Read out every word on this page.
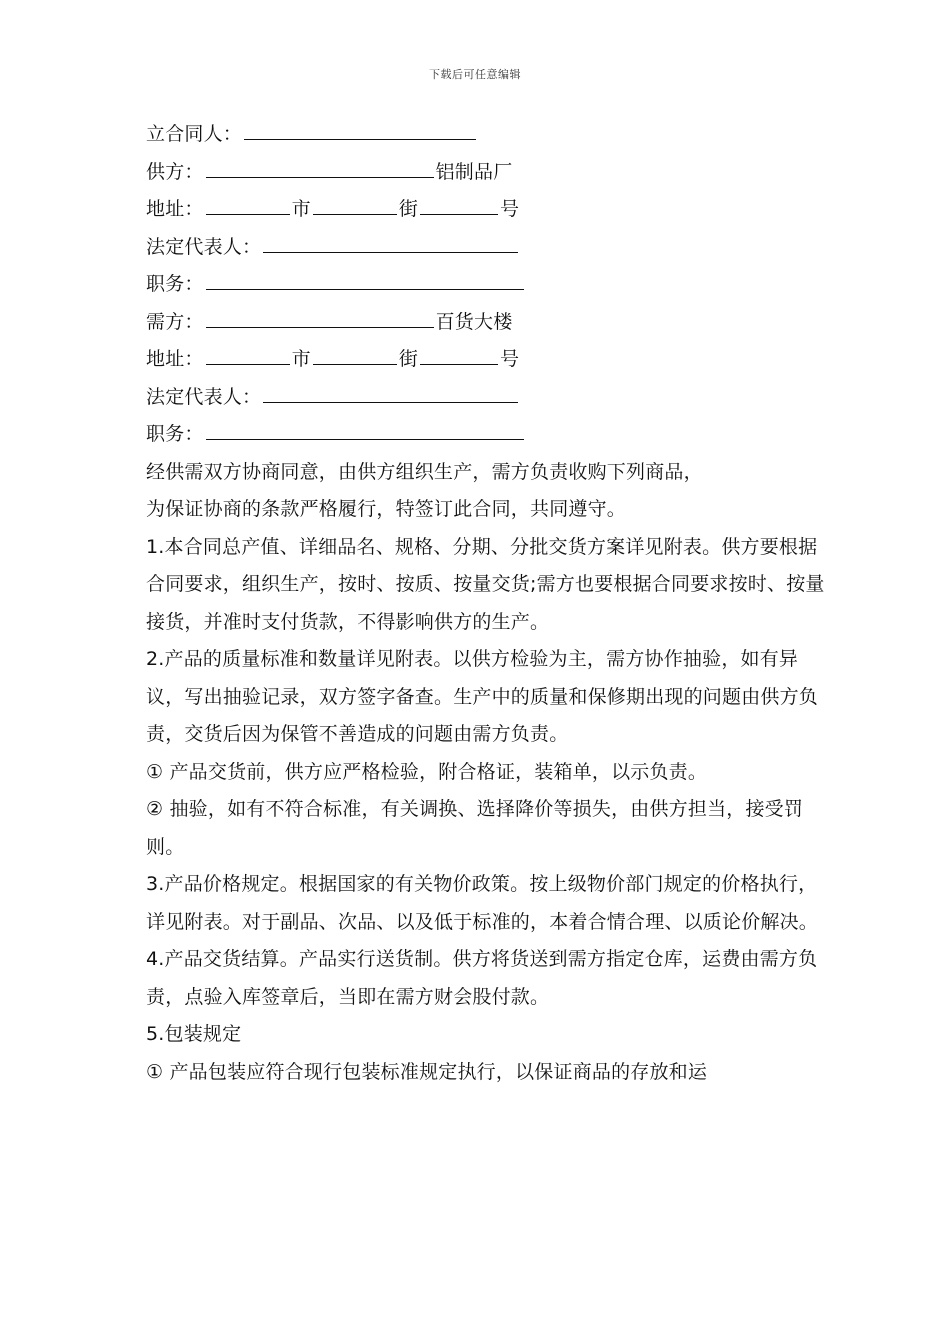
下载后可任意编辑
立合同人：
供方：	铝制品厂
地址：	市	街	号
法定代表人：
职务：
需方：	百货大楼
地址：	市	街	号
法定代表人：
职务：
经供需双方协商同意，由供方组织生产，需方负责收购下列商品，
为保证协商的条款严格履行，特签订此合同，共同遵守。
1.本合同总产值、详细品名、规格、分期、分批交货方案详见附表。供方要根据合同要求，组织生产，按时、按质、按量交货;需方也要根据合同要求按时、按量接货，并准时支付货款，不得影响供方的生产。
2.产品的质量标准和数量详见附表。以供方检验为主，需方协作抽验，如有异议，写出抽验记录，双方签字备查。生产中的质量和保修期出现的问题由供方负责，交货后因为保管不善造成的问题由需方负责。
① 产品交货前，供方应严格检验，附合格证，装箱单，以示负责。
② 抽验，如有不符合标准，有关调换、选择降价等损失，由供方担当，接受罚则。
3.产品价格规定。根据国家的有关物价政策。按上级物价部门规定的价格执行，详见附表。对于副品、次品、以及低于标准的，本着合情合理、以质论价解决。
4.产品交货结算。产品实行送货制。供方将货送到需方指定仓库，运费由需方负责，点验入库签章后，当即在需方财会股付款。
5.包装规定
① 产品包装应符合现行包装标准规定执行，以保证商品的存放和运
